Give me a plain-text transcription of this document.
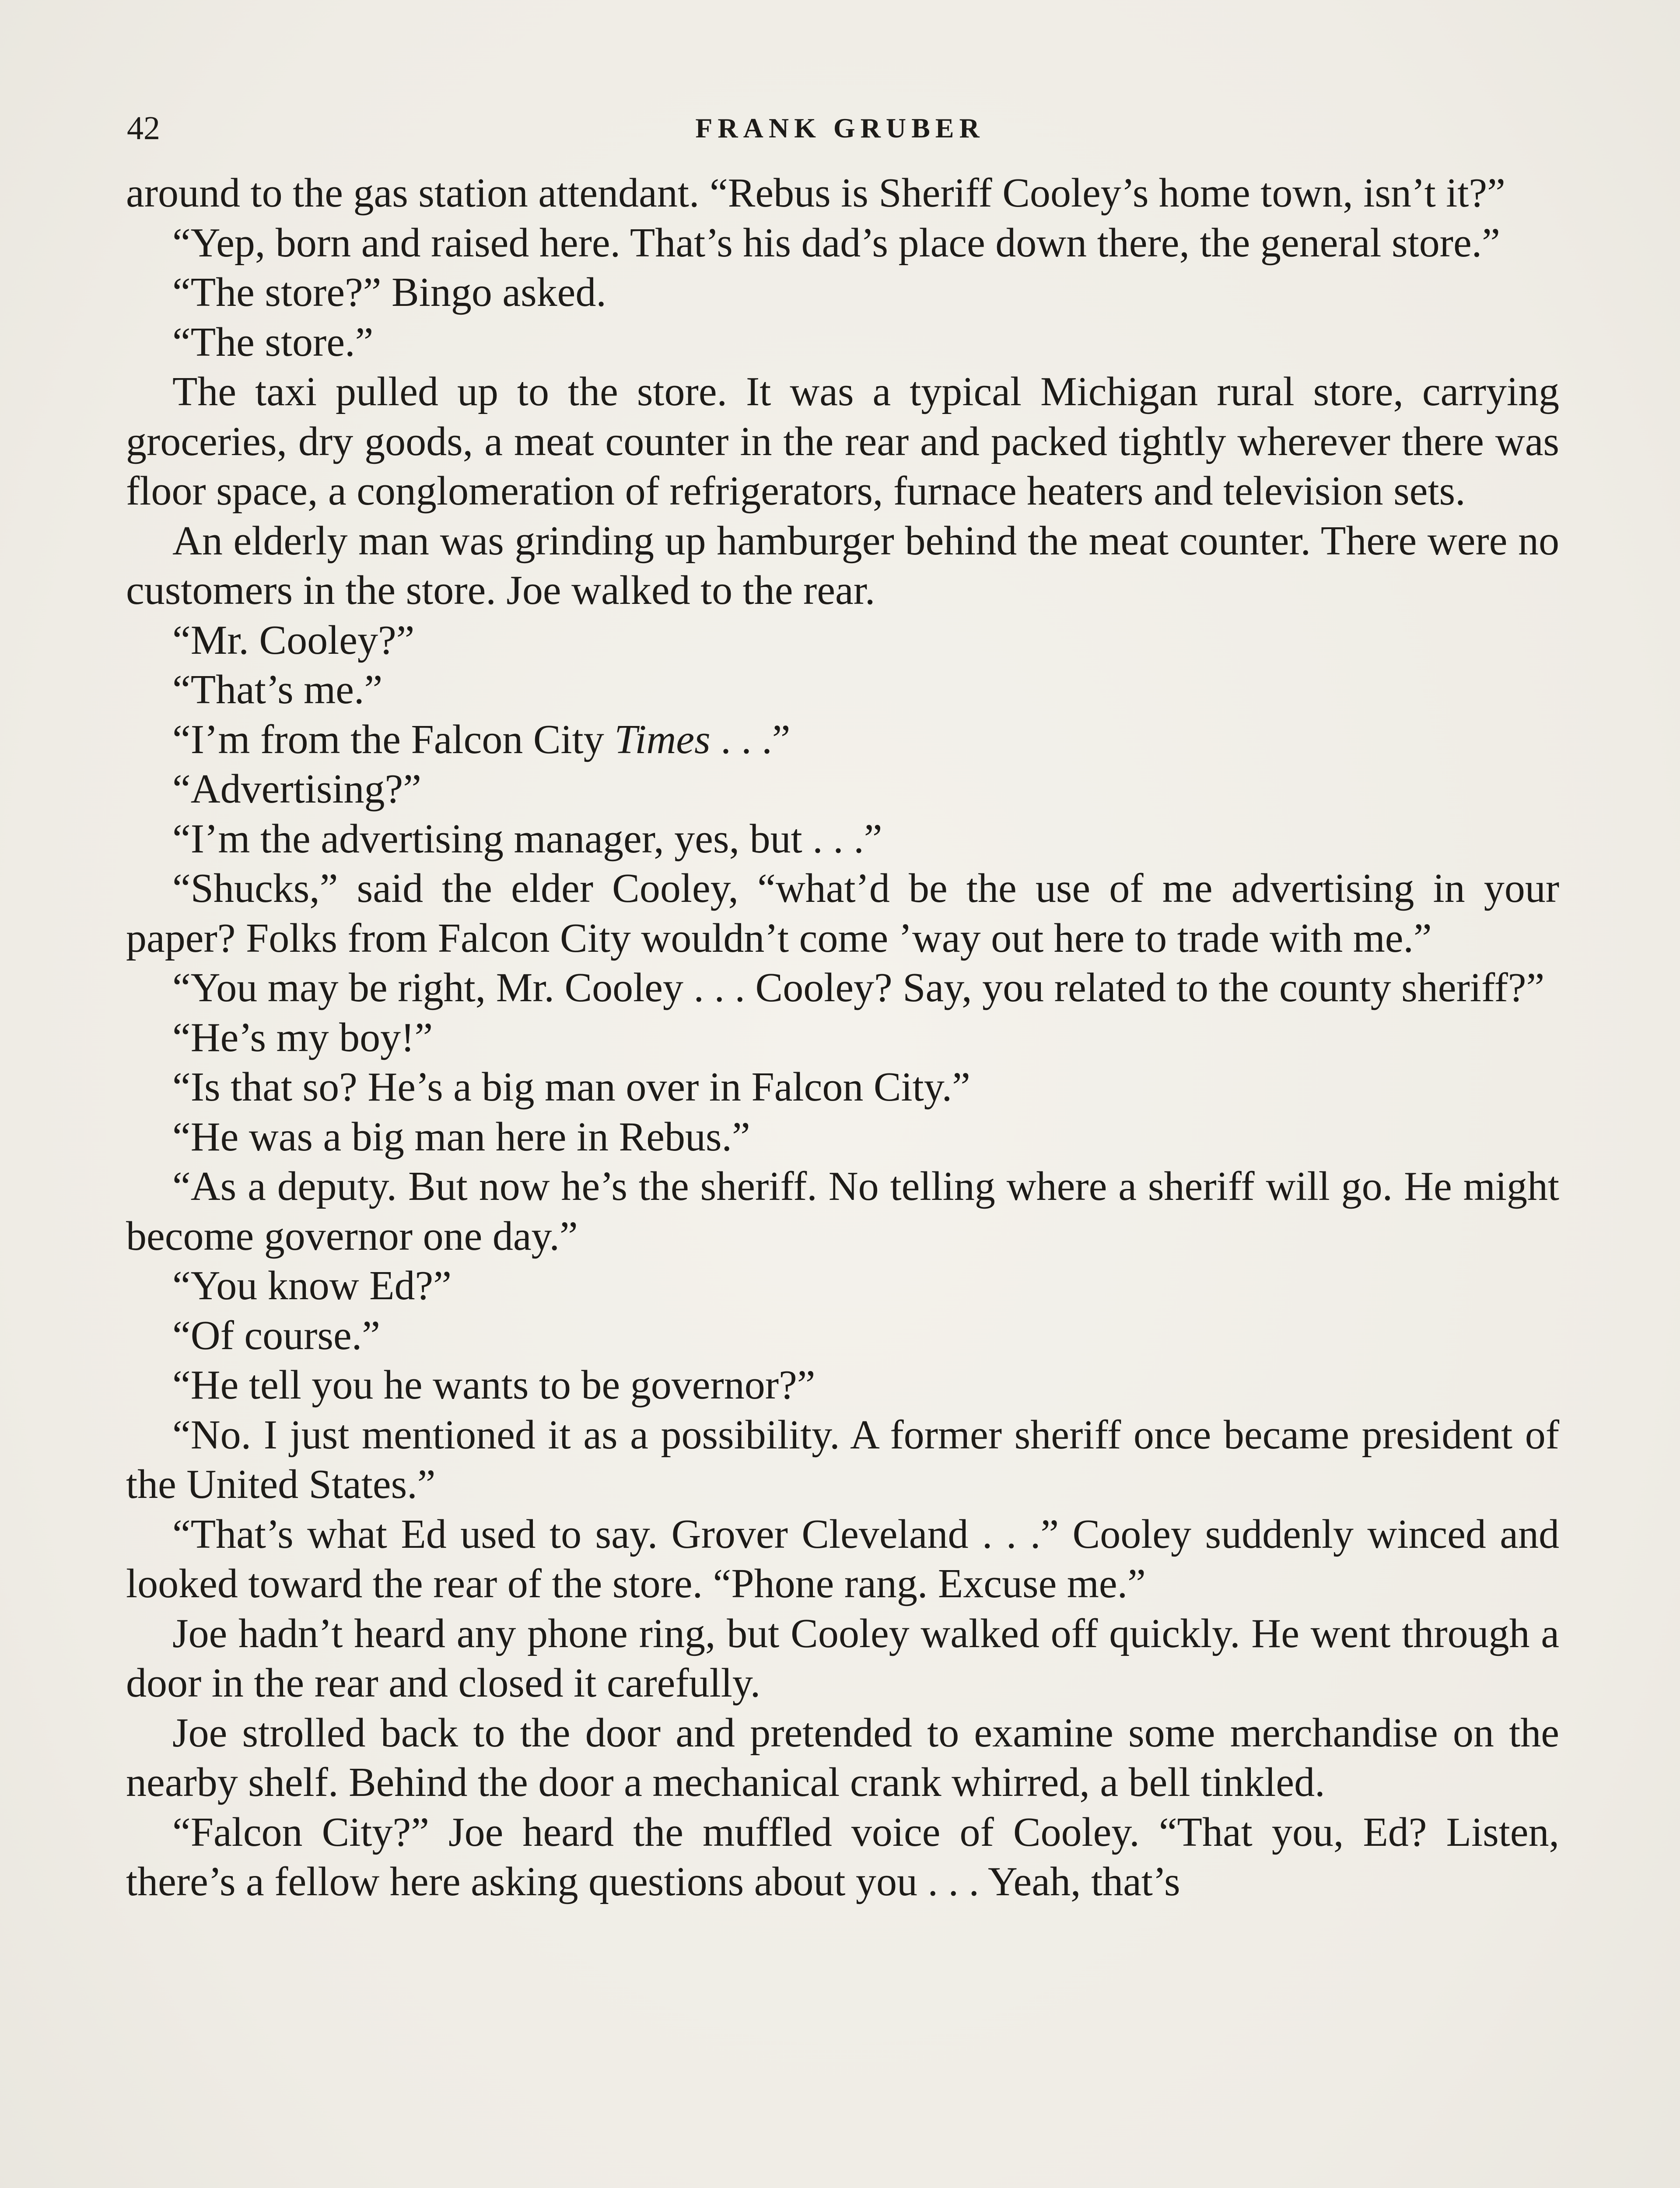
42	FRANK GRUBER

around to the gas station attendant. “Rebus is Sheriff Cooley’s home town, isn’t it?”

“Yep, born and raised here. That’s his dad’s place down there, the general store.”

“The store?” Bingo asked.

“The store.”

The taxi pulled up to the store. It was a typical Michigan rural store, carrying groceries, dry goods, a meat counter in the rear and packed tightly wherever there was floor space, a conglomeration of refrigerators, furnace heaters and television sets.

An elderly man was grinding up hamburger behind the meat counter. There were no customers in the store. Joe walked to the rear.

“Mr. Cooley?”

“That’s me.”

“I’m from the Falcon City Times . . .”

“Advertising?”

“I’m the advertising manager, yes, but . . .”

“Shucks,” said the elder Cooley, “what’d be the use of me advertising in your paper? Folks from Falcon City wouldn’t come ’way out here to trade with me.”

“You may be right, Mr. Cooley . . . Cooley? Say, you related to the county sheriff?”

“He’s my boy!”

“Is that so? He’s a big man over in Falcon City.”

“He was a big man here in Rebus.”

“As a deputy. But now he’s the sheriff. No telling where a sheriff will go. He might become governor one day.”

“You know Ed?”

“Of course.”

“He tell you he wants to be governor?”

“No. I just mentioned it as a possibility. A former sheriff once became president of the United States.”

“That’s what Ed used to say. Grover Cleveland . . .” Cooley suddenly winced and looked toward the rear of the store. “Phone rang. Excuse me.”

Joe hadn’t heard any phone ring, but Cooley walked off quickly. He went through a door in the rear and closed it carefully.

Joe strolled back to the door and pretended to examine some merchandise on the nearby shelf. Behind the door a mechanical crank whirred, a bell tinkled.

“Falcon City?” Joe heard the muffled voice of Cooley. “That you, Ed? Listen, there’s a fellow here asking questions about you . . . Yeah, that’s
